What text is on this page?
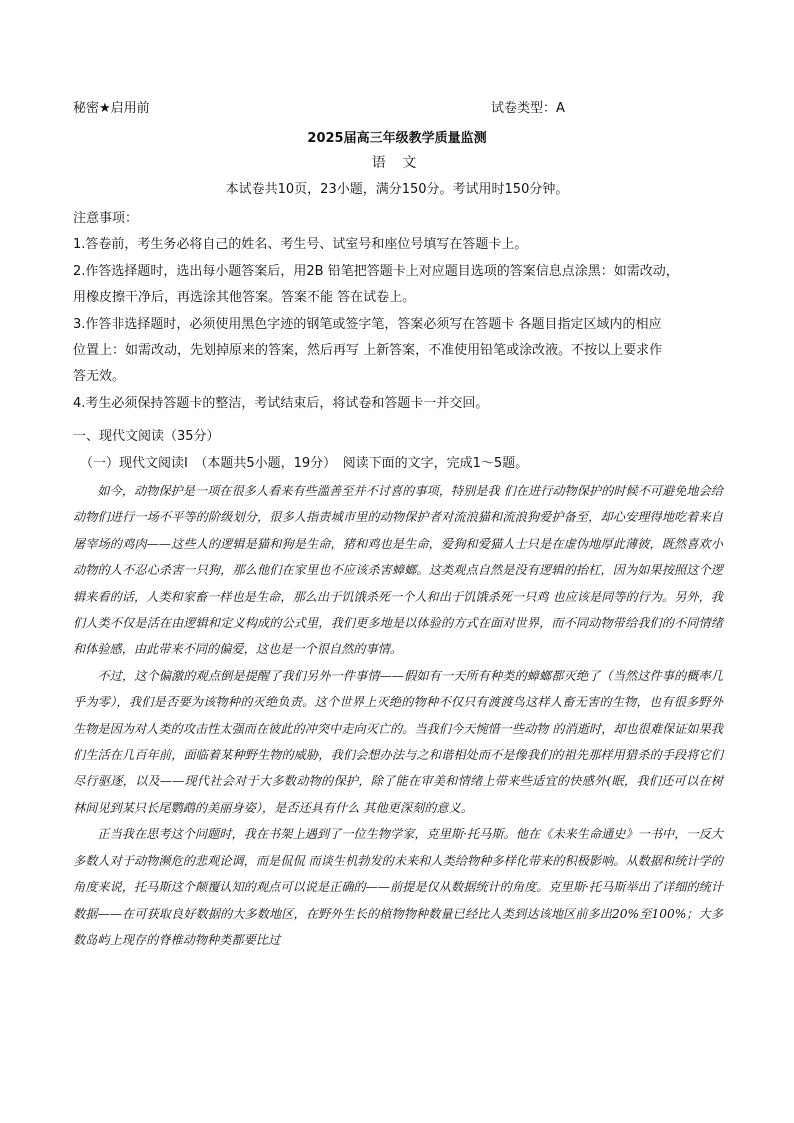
秘密★启用前	试卷类型：A
2025届高三年级教学质量监测
语 文
本试卷共10页，23小题，满分150分。考试用时150分钟。
注意事项：
1.答卷前，考生务必将自己的姓名、考生号、试室号和座位号填写在答题卡上。
2.作答选择题时，选出每小题答案后，用2B 铅笔把答题卡上对应题目选项的答案信息点涂黑：如需改动，
用橡皮擦干净后，再选涂其他答案。答案不能 答在试卷上。
3.作答非选择题时，必须使用黑色字迹的钢笔或签字笔，答案必须写在答题卡 各题目指定区域内的相应
位置上：如需改动，先划掉原来的答案，然后再写 上新答案，不准使用铅笔或涂改液。不按以上要求作
答无效。
4.考生必须保持答题卡的整洁，考试结束后，将试卷和答题卡一并交回。
一、现代文阅读（35分）
（一）现代文阅读I　（本题共5小题，19分）　阅读下面的文字，完成1～5题。

如今，动物保护是一项在很多人看来有些滥善至并不讨喜的事项，特别是我 们在进行动物保护的时候不可避免地会给动物们进行一场不平等的阶级划分，很多人指责城市里的动物保护者对流浪猫和流浪狗爱护备至，却心安理得地吃着来自屠宰场的鸡肉——这些人的逻辑是猫和狗是生命，猪和鸡也是生命，爱狗和爱猫人士只是在虚伪地厚此薄彼，既然喜欢小动物的人不忍心杀害一只狗，那么他们在家里也不应该杀害蟑螂。这类观点自然是没有逻辑的抬杠，因为如果按照这个逻辑来看的话，人类和家畜一样也是生命，那么出于饥饿杀死一个人和出于饥饿杀死一只鸡 也应该是同等的行为。另外，我们人类不仅是活在由逻辑和定义构成的公式里，我们更多地是以体验的方式在面对世界，而不同动物带给我们的不同情绪和体验感，由此带来不同的偏爱，这也是一个很自然的事情。

不过，这个偏激的观点倒是提醒了我们另外一件事情——假如有一天所有种类的蟑螂都灭绝了（当然这件事的概率几乎为零），我们是否要为该物种的灭绝负责。这个世界上灭绝的物种不仅只有渡渡鸟这样人畜无害的生物，也有很多野外生物是因为对人类的攻击性太强而在彼此的冲突中走向灭亡的。当我们今天惋惜一些动物 的消逝时，却也很难保证如果我们生活在几百年前，面临着某种野生物的威胁，我们会想办法与之和谐相处而不是像我们的祖先那样用猎杀的手段将它们尽行驱逐，以及——现代社会对于大多数动物的保护，除了能在审美和情绪上带来些适宜的快感外(眠，我们还可以在树林间见到某只长尾鹦鹉的美丽身姿），是否还具有什么 其他更深刻的意义。

正当我在思考这个问题时，我在书架上遇到了一位生物学家，克里斯·托马斯。他在《未来生命通史》一书中，一反大多数人对于动物濒危的悲观论调，而是侃侃 而谈生机勃发的未来和人类给物种多样化带来的积极影响。从数据和统计学的角度来说，托马斯这个颠覆认知的观点可以说是正确的——前提是仅从数据统计的角度。克里斯·托马斯举出了详细的统计数据——在可获取良好数据的大多数地区，在野外生长的植物物种数量已经比人类到达该地区前多出20%至100%；大多数岛屿上现存的脊椎动物种类都要比过
